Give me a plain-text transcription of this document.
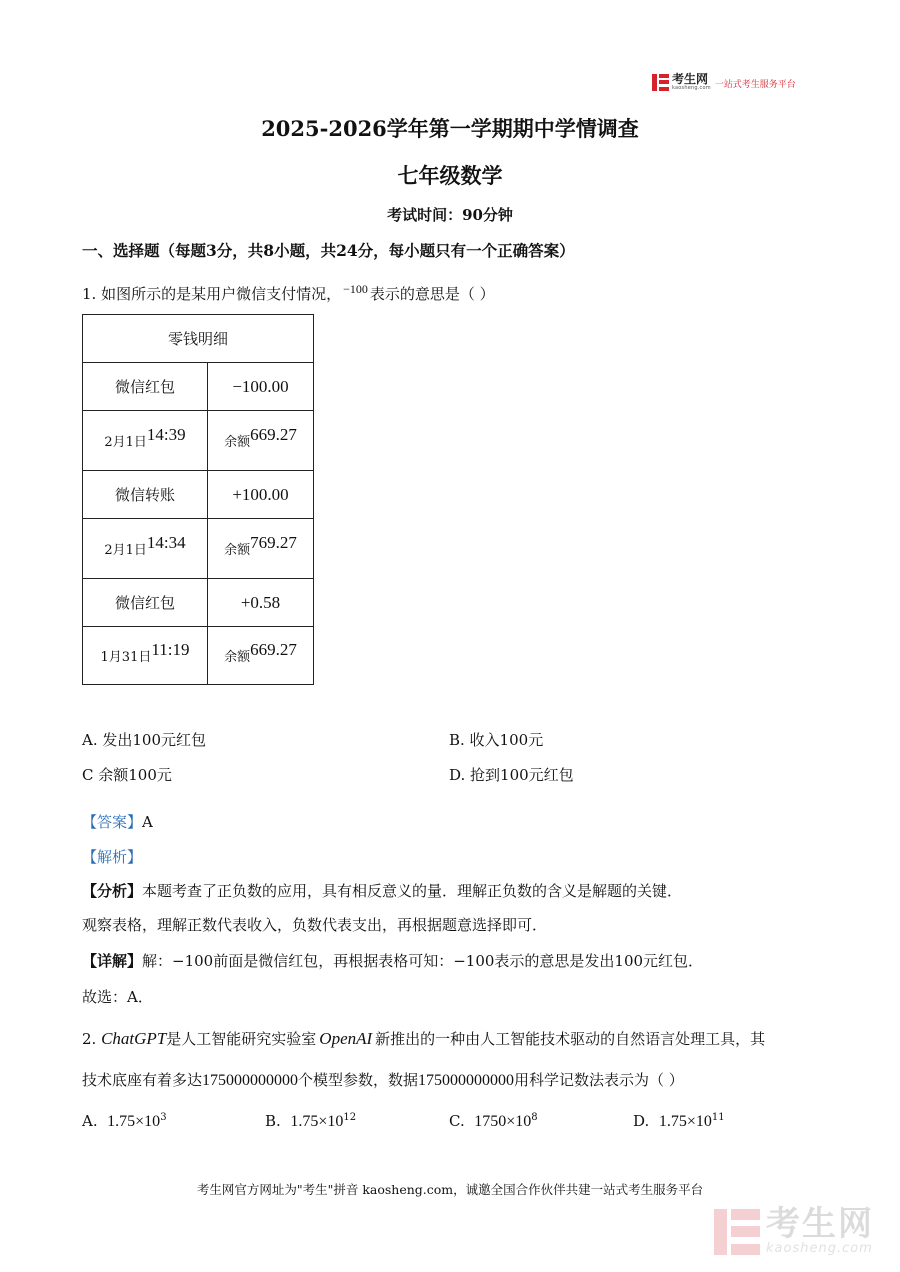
考生网
kaosheng.com 一站式考生服务平台
2025-2026学年第一学期期中学情调查
七年级数学
考试时间：90分钟
一、选择题（每题3分，共8小题，共24分，每小题只有一个正确答案）
1. 如图所示的是某用户微信支付情况， $^{-100}$ 表示的意思是（ ）
零钱明细	
微信红包	−100.00
2月1日14:39	余额669.27
微信转账	+100.00
2月1日14:34	余额769.27
微信红包	+0.58
1月31日11:19	余额669.27
A. 发出100元红包	B. 收入100元
C 余额100元	D. 抢到100元红包
【答案】A
【解析】
【分析】本题考查了正负数的应用，具有相反意义的量．理解正负数的含义是解题的关键．
观察表格，理解正数代表收入，负数代表支出，再根据题意选择即可．
【详解】解：−100前面是微信红包，再根据表格可知：−100表示的意思是发出100元红包．
故选：A．
2. ChatGPT是人工智能研究实验室 OpenAI 新推出的一种由人工智能技术驱动的自然语言处理工具，其
技术底座有着多达175000000000个模型参数，数据175000000000用科学记数法表示为（ ）
A. $1.75\times 10^3$	B. $1.75\times 10^{12}$	C. $1750\times 10^8$	D. $1.75\times 10^{11}$
考生网官方网址为"考生"拼音 kaosheng.com，诚邀全国合作伙伴共建一站式考生服务平台
考生网
kaosheng.com
